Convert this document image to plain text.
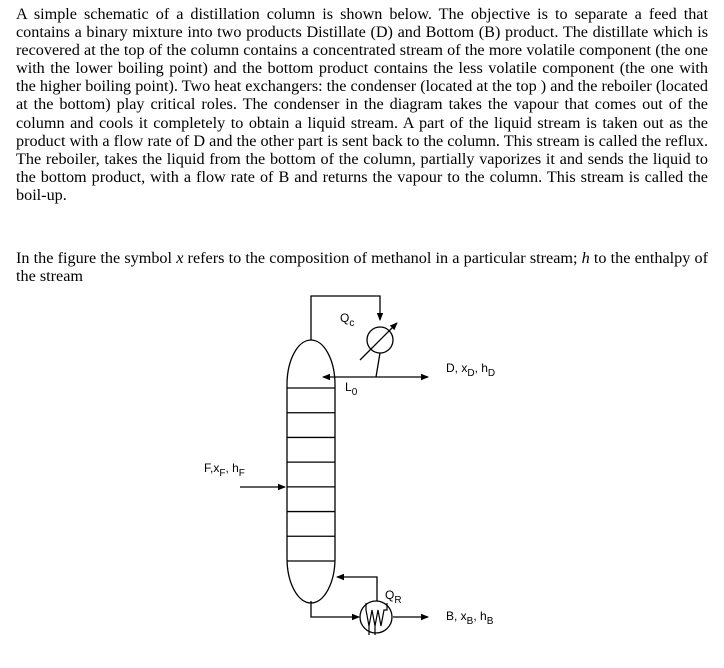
A simple schematic of a distillation column is shown below. The objective is to separate a feed that contains a binary mixture into two products Distillate (D) and Bottom (B) product. The distillate which is recovered at the top of the column contains a concentrated stream of the more volatile component (the one with the lower boiling point) and the bottom product contains the less volatile component (the one with the higher boiling point). Two heat exchangers: the condenser (located at the top ) and the reboiler (located at the bottom) play critical roles. The condenser in the diagram takes the vapour that comes out of the column and cools it completely to obtain a liquid stream. A part of the liquid stream is taken out as the product with a flow rate of D and the other part is sent back to the column. This stream is called the reflux. The reboiler, takes the liquid from the bottom of the column, partially vaporizes it and sends the liquid to the bottom product, with a flow rate of B and returns the vapour to the column. This stream is called the boil-up.

In the figure the symbol x refers to the composition of methanol in a particular stream; h to the enthalpy of the stream

$Q_c$
$L_0$
D, $x_D$, $h_D$
$F,x_F$, $h_F$
$Q_R$
B, $x_B$, $h_B$
